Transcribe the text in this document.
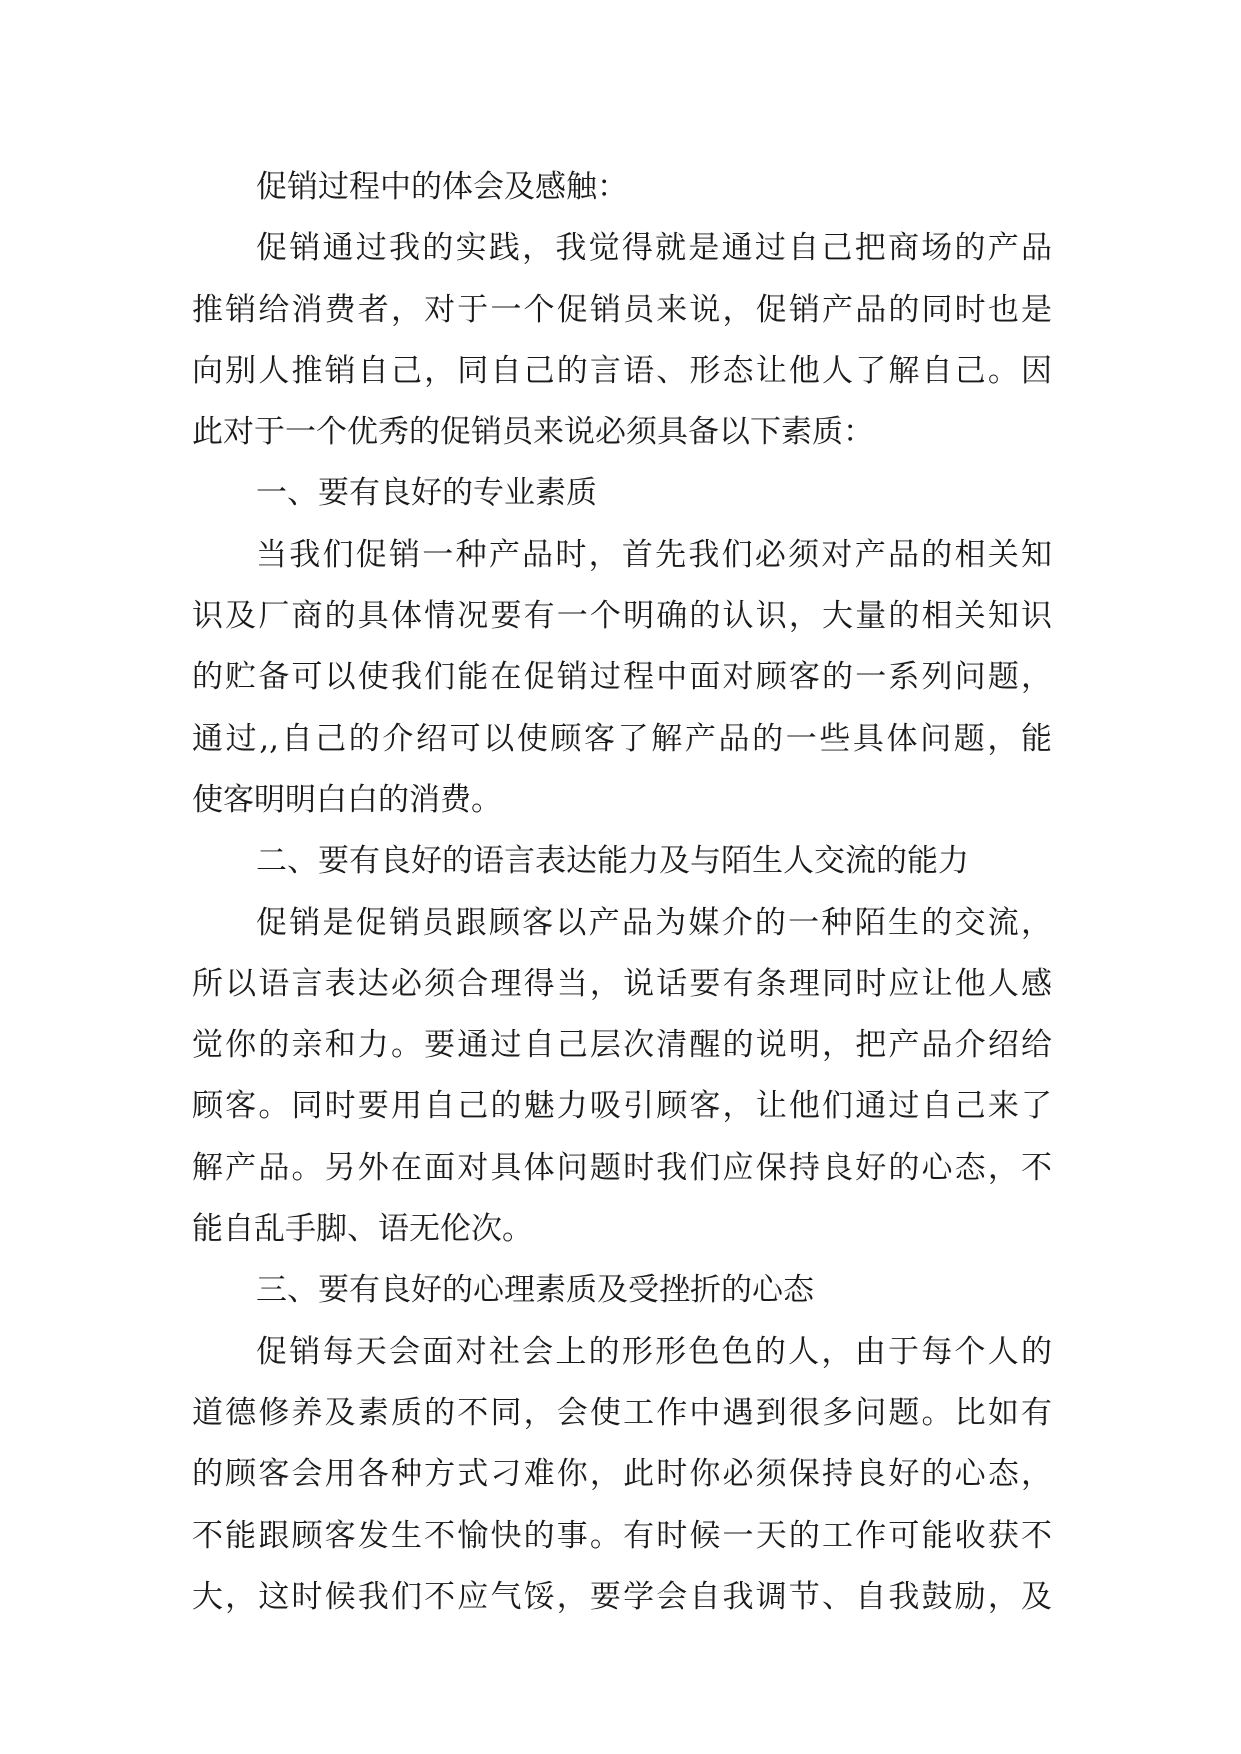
促销过程中的体会及感触：
促销通过我的实践，我觉得就是通过自己把商场的产品
推销给消费者，对于一个促销员来说，促销产品的同时也是
向别人推销自己，同自己的言语、形态让他人了解自己。因
此对于一个优秀的促销员来说必须具备以下素质：
一、要有良好的专业素质
当我们促销一种产品时，首先我们必须对产品的相关知
识及厂商的具体情况要有一个明确的认识，大量的相关知识
的贮备可以使我们能在促销过程中面对顾客的一系列问题，
通过,,自己的介绍可以使顾客了解产品的一些具体问题，能
使客明明白白的消费。
二、要有良好的语言表达能力及与陌生人交流的能力
促销是促销员跟顾客以产品为媒介的一种陌生的交流，
所以语言表达必须合理得当，说话要有条理同时应让他人感
觉你的亲和力。要通过自己层次清醒的说明，把产品介绍给
顾客。同时要用自己的魅力吸引顾客，让他们通过自己来了
解产品。另外在面对具体问题时我们应保持良好的心态，不
能自乱手脚、语无伦次。
三、要有良好的心理素质及受挫折的心态
促销每天会面对社会上的形形色色的人，由于每个人的
道德修养及素质的不同，会使工作中遇到很多问题。比如有
的顾客会用各种方式刁难你，此时你必须保持良好的心态，
不能跟顾客发生不愉快的事。有时候一天的工作可能收获不
大，这时候我们不应气馁，要学会自我调节、自我鼓励，及
